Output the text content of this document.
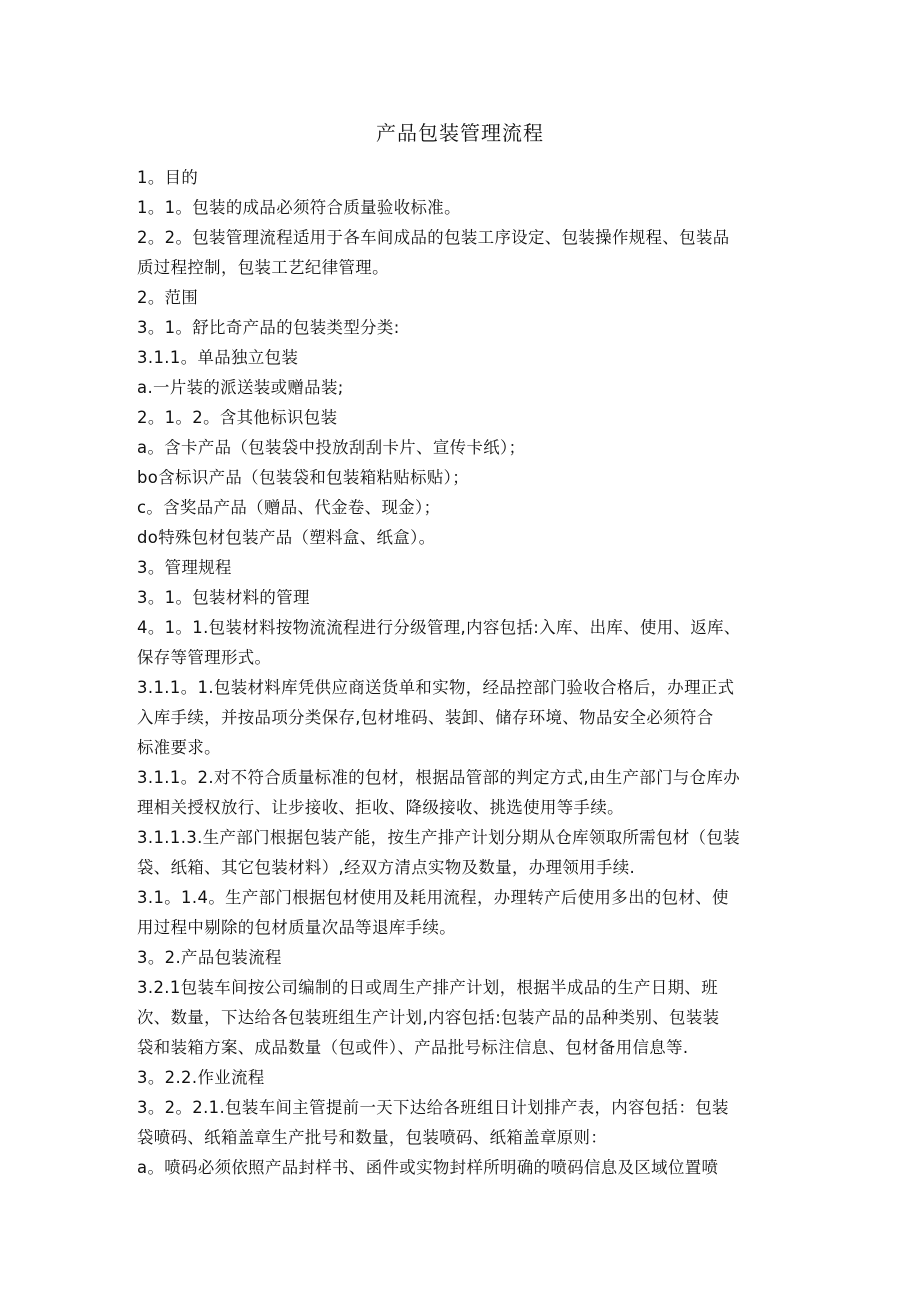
产品包装管理流程

1。目的

1。1。包装的成品必须符合质量验收标准。

2。2。包装管理流程适用于各车间成品的包装工序设定、包装操作规程、包装品
质过程控制，包装工艺纪律管理。

2。范围

3。1。舒比奇产品的包装类型分类:

3.1.1。单品独立包装

a.一片装的派送装或赠品装;

2。1。2。含其他标识包装

a。含卡产品（包装袋中投放刮刮卡片、宣传卡纸）；

bo含标识产品（包装袋和包装箱粘贴标贴）；

c。含奖品产品（赠品、代金卷、现金）；

do特殊包材包装产品（塑料盒、纸盒）。

3。管理规程

3。1。包装材料的管理

4。1。1.包装材料按物流流程进行分级管理,内容包括:入库、出库、使用、返库、
保存等管理形式。

3.1.1。1.包装材料库凭供应商送货单和实物，经品控部门验收合格后，办理正式
入库手续，并按品项分类保存,包材堆码、装卸、储存环境、物品安全必须符合
标准要求。

3.1.1。2.对不符合质量标准的包材，根据品管部的判定方式,由生产部门与仓库办
理相关授权放行、让步接收、拒收、降级接收、挑选使用等手续。

3.1.1.3.生产部门根据包装产能，按生产排产计划分期从仓库领取所需包材（包装
袋、纸箱、其它包装材料）,经双方清点实物及数量，办理领用手续.

3.1。1.4。生产部门根据包材使用及耗用流程，办理转产后使用多出的包材、使
用过程中剔除的包材质量次品等退库手续。

3。2.产品包装流程

3.2.1包装车间按公司编制的日或周生产排产计划，根据半成品的生产日期、班
次、数量，下达给各包装班组生产计划,内容包括:包装产品的品种类别、包装装
袋和装箱方案、成品数量（包或件）、产品批号标注信息、包材备用信息等.

3。2.2.作业流程

3。2。2.1.包装车间主管提前一天下达给各班组日计划排产表，内容包括：包装
袋喷码、纸箱盖章生产批号和数量，包装喷码、纸箱盖章原则：

a。喷码必须依照产品封样书、函件或实物封样所明确的喷码信息及区域位置喷
